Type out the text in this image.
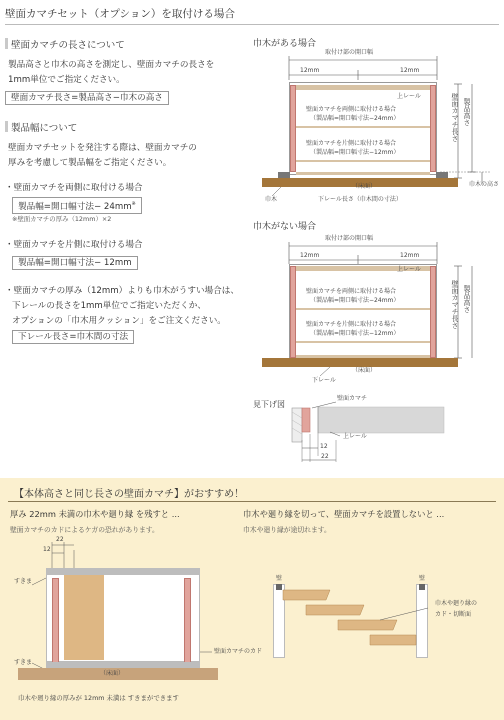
壁面カマチセット（オプション）を取付ける場合
壁面カマチの長さについて
製品高さと巾木の高さを測定し、壁面カマチの長さを
1mm単位でご指定ください。
壁面カマチ長さ=製品高さ−巾木の高さ
製品幅について
壁面カマチセットを発注する際は、壁面カマチの
厚みを考慮して製品幅をご指定ください。
・壁面カマチを両側に取付ける場合
製品幅=開口幅寸法− 24mm※
※壁面カマチの厚み（12mm）×2
・壁面カマチを片側に取付ける場合
製品幅=開口幅寸法− 12mm
・壁面カマチの厚み（12mm）よりも巾木がうすい場合は、
下レールの長さを1mm単位でご指定いただくか、
オプションの「巾木用クッション」をご注文ください。
下レール長さ=巾木間の寸法
巾木がある場合
取付け部の開口幅
12mm	12mm
上レール
壁面カマチを両側に取付ける場合
（製品幅=開口幅寸法−24mm）
壁面カマチを片側に取付ける場合
（製品幅=開口幅寸法−12mm）
（床面）
製品高さ
壁面カマチ長さ
巾木の高さ
巾木	下レール長さ（巾木間の寸法）
巾木がない場合
取付け部の開口幅
12mm	12mm
上レール
壁面カマチを両側に取付ける場合
（製品幅=開口幅寸法−24mm）
壁面カマチを片側に取付ける場合
（製品幅=開口幅寸法−12mm）
（床面）
製品高さ
壁面カマチ長さ
下レール
見下げ図
壁面カマチ
上レール
12
22
【本体高さと同じ長さの壁面カマチ】がおすすめ！
厚み 22mm 未満の巾木や廻り縁 を残すと ...
壁面カマチのカドによるケガの恐れがあります。
巾木や廻り縁を切って、壁面カマチを設置しないと ...
巾木や廻り縁が途切れます。
22
12
（床面）
すきま
すきま
壁面カマチのカド
巾木や廻り縁の厚みが 12mm 未満は すきまができます
壁	壁
巾木や廻り縁の
カド・切断面
